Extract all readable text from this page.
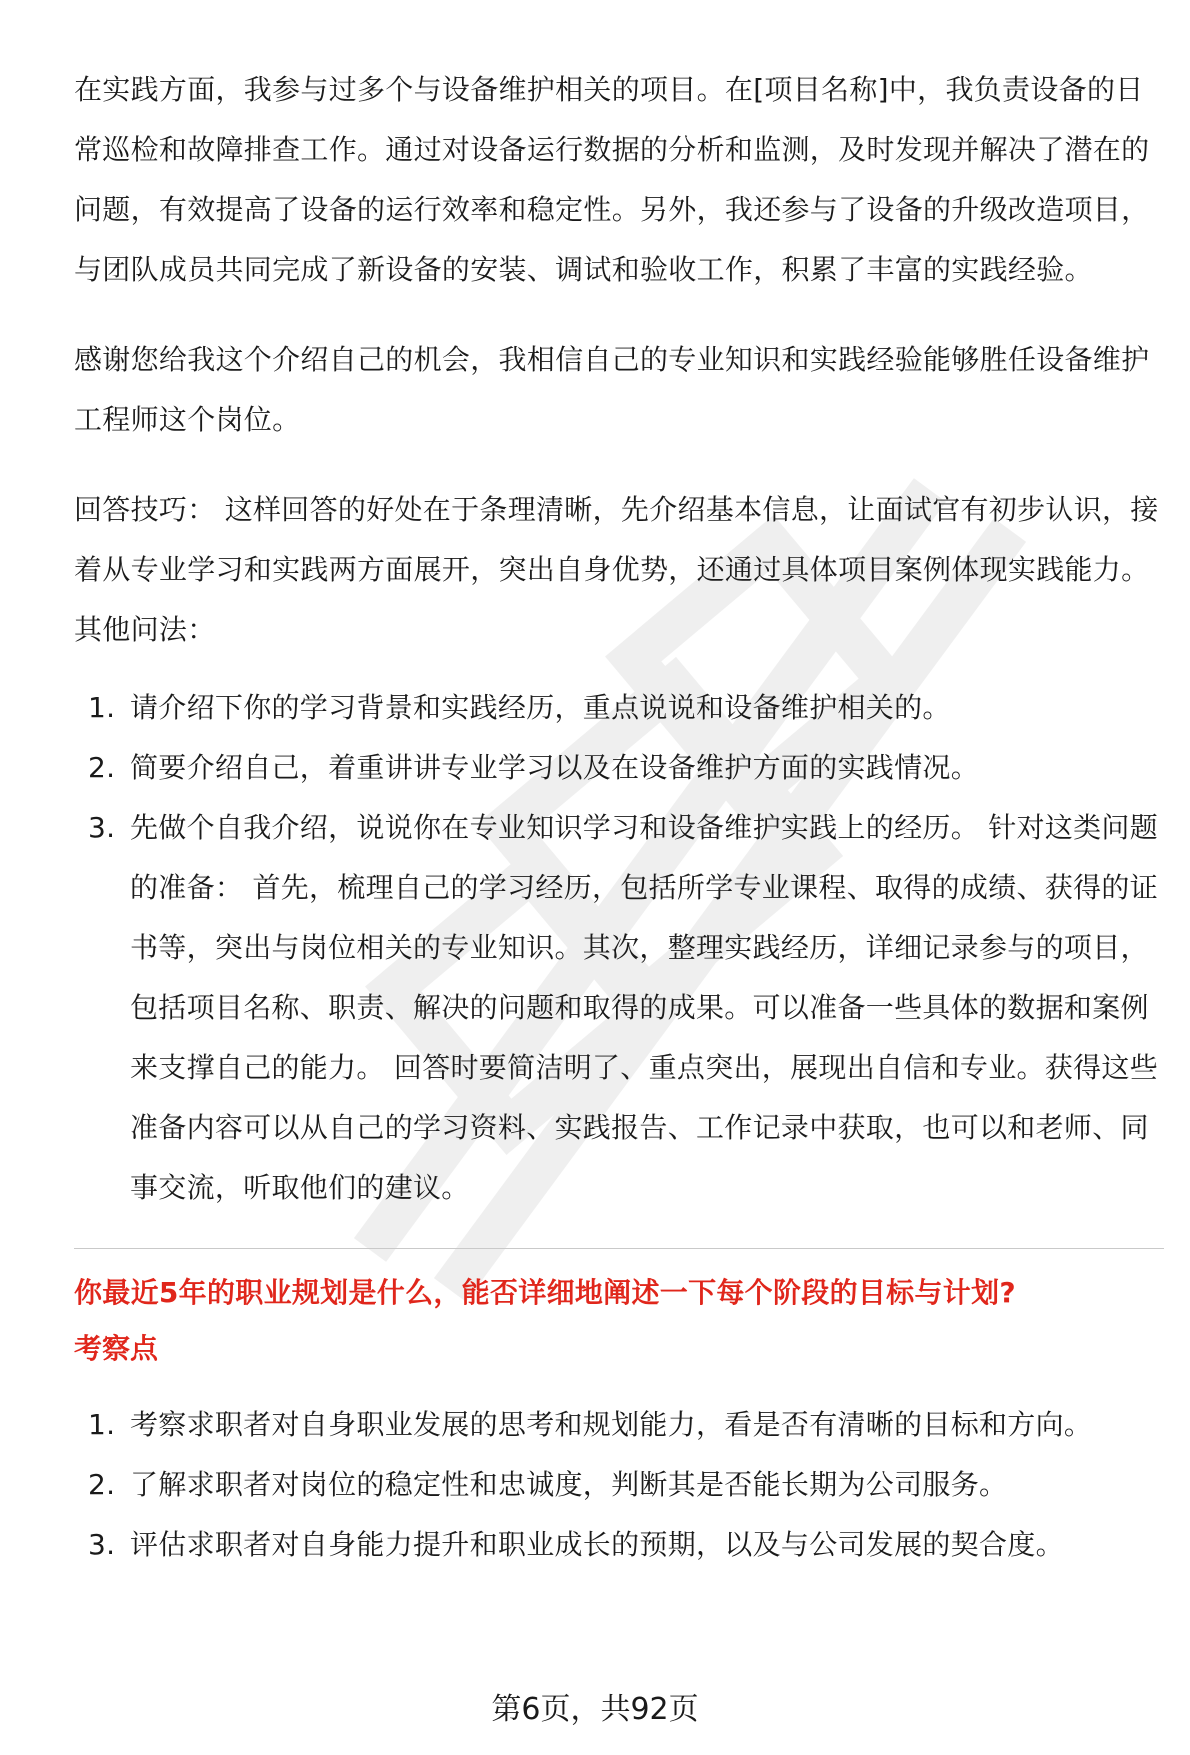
在实践方面，我参与过多个与设备维护相关的项目。在[项目名称]中，我负责设备的日常巡检和故障排查工作。通过对设备运行数据的分析和监测，及时发现并解决了潜在的问题，有效提高了设备的运行效率和稳定性。另外，我还参与了设备的升级改造项目，与团队成员共同完成了新设备的安装、调试和验收工作，积累了丰富的实践经验。

感谢您给我这个介绍自己的机会，我相信自己的专业知识和实践经验能够胜任设备维护工程师这个岗位。

回答技巧： 这样回答的好处在于条理清晰，先介绍基本信息，让面试官有初步认识，接着从专业学习和实践两方面展开，突出自身优势，还通过具体项目案例体现实践能力。 其他问法：

1. 请介绍下你的学习背景和实践经历，重点说说和设备维护相关的。
2. 简要介绍自己，着重讲讲专业学习以及在设备维护方面的实践情况。
3. 先做个自我介绍，说说你在专业知识学习和设备维护实践上的经历。 针对这类问题的准备： 首先，梳理自己的学习经历，包括所学专业课程、取得的成绩、获得的证书等，突出与岗位相关的专业知识。其次，整理实践经历，详细记录参与的项目，包括项目名称、职责、解决的问题和取得的成果。可以准备一些具体的数据和案例来支撑自己的能力。 回答时要简洁明了、重点突出，展现出自信和专业。获得这些准备内容可以从自己的学习资料、实践报告、工作记录中获取，也可以和老师、同事交流，听取他们的建议。

你最近5年的职业规划是什么，能否详细地阐述一下每个阶段的目标与计划?

考察点

1. 考察求职者对自身职业发展的思考和规划能力，看是否有清晰的目标和方向。
2. 了解求职者对岗位的稳定性和忠诚度，判断其是否能长期为公司服务。
3. 评估求职者对自身能力提升和职业成长的预期，以及与公司发展的契合度。
第6页，共92页
